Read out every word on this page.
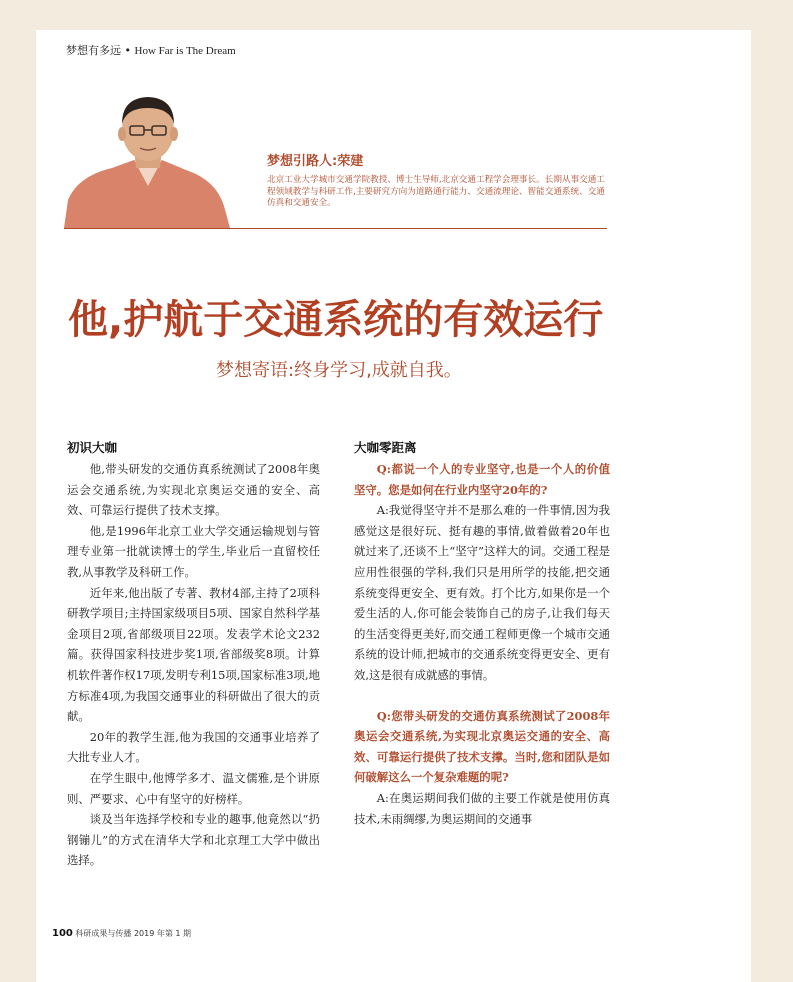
梦想有多远 • How Far is The Dream
梦想引路人:荣建
北京工业大学城市交通学院教授、博士生导师,北京交通工程学会理事长。长期从事交通工程领域教学与科研工作,主要研究方向为道路通行能力、交通流理论、智能交通系统、交通仿真和交通安全。
他,护航于交通系统的有效运行
梦想寄语:终身学习,成就自我。
初识大咖

他,带头研发的交通仿真系统测试了2008年奥运会交通系统,为实现北京奥运交通的安全、高效、可靠运行提供了技术支撑。

他,是1996年北京工业大学交通运输规划与管理专业第一批就读博士的学生,毕业后一直留校任教,从事教学及科研工作。

近年来,他出版了专著、教材4部,主持了2项科研教学项目;主持国家级项目5项、国家自然科学基金项目2项,省部级项目22项。发表学术论文232篇。获得国家科技进步奖1项,省部级奖8项。计算机软件著作权17项,发明专利15项,国家标准3项,地方标准4项,为我国交通事业的科研做出了很大的贡献。

20年的教学生涯,他为我国的交通事业培养了大批专业人才。

在学生眼中,他博学多才、温文儒雅,是个讲原则、严要求、心中有坚守的好榜样。

谈及当年选择学校和专业的趣事,他竟然以“扔钢镚儿”的方式在清华大学和北京理工大学中做出选择。

大咖零距离

Q:都说一个人的专业坚守,也是一个人的价值坚守。您是如何在行业内坚守20年的?

A:我觉得坚守并不是那么难的一件事情,因为我感觉这是很好玩、挺有趣的事情,做着做着20年也就过来了,还谈不上“坚守”这样大的词。交通工程是应用性很强的学科,我们只是用所学的技能,把交通系统变得更安全、更有效。打个比方,如果你是一个爱生活的人,你可能会装饰自己的房子,让我们每天的生活变得更美好,而交通工程师更像一个城市交通系统的设计师,把城市的交通系统变得更安全、更有效,这是很有成就感的事情。

Q:您带头研发的交通仿真系统测试了2008年奥运会交通系统,为实现北京奥运交通的安全、高效、可靠运行提供了技术支撑。当时,您和团队是如何破解这么一个复杂难题的呢?

A:在奥运期间我们做的主要工作就是使用仿真技术,未雨绸缪,为奥运期间的交通事

100 科研成果与传播 2019 年第 1 期
